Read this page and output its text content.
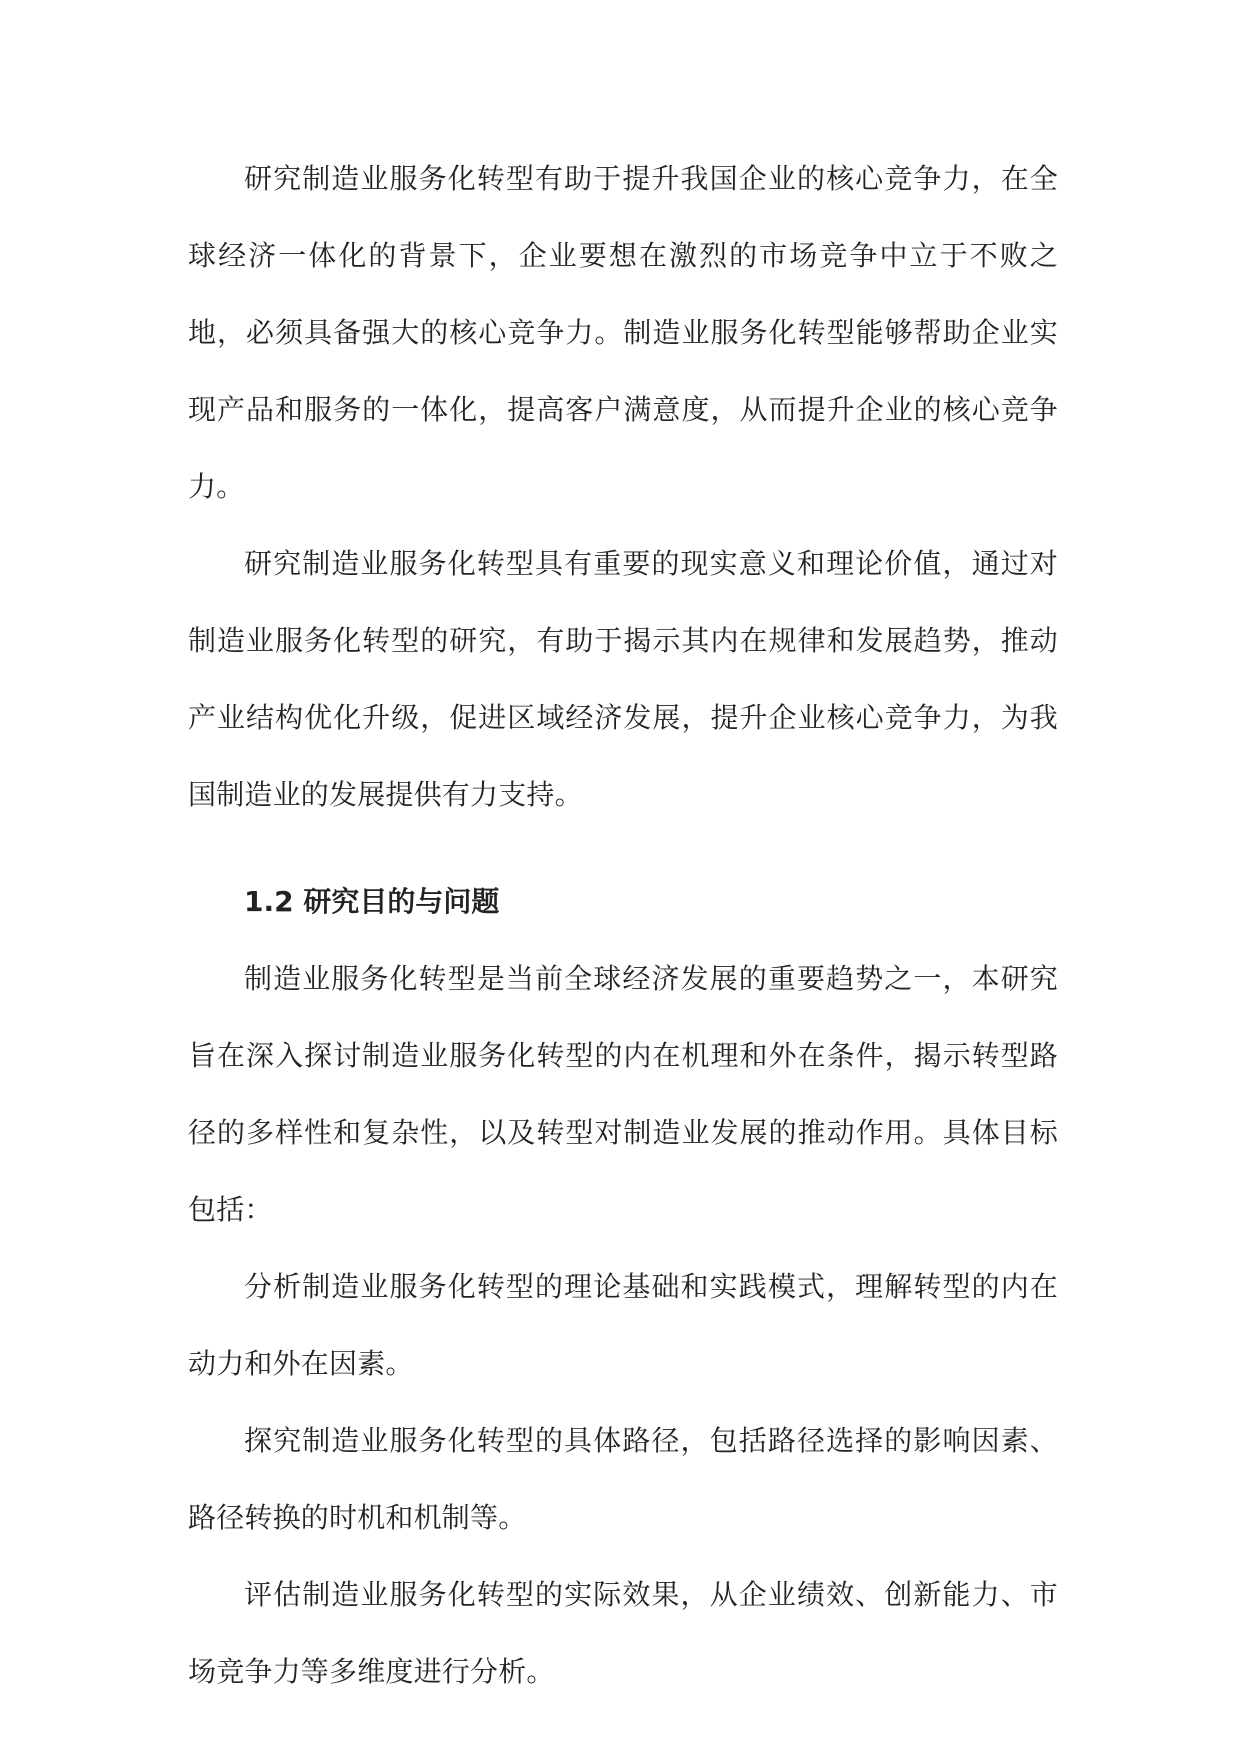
研究制造业服务化转型有助于提升我国企业的核心竞争力，在全球经济一体化的背景下，企业要想在激烈的市场竞争中立于不败之地，必须具备强大的核心竞争力。制造业服务化转型能够帮助企业实现产品和服务的一体化，提高客户满意度，从而提升企业的核心竞争力。

研究制造业服务化转型具有重要的现实意义和理论价值，通过对制造业服务化转型的研究，有助于揭示其内在规律和发展趋势，推动产业结构优化升级，促进区域经济发展，提升企业核心竞争力，为我国制造业的发展提供有力支持。

1.2 研究目的与问题

制造业服务化转型是当前全球经济发展的重要趋势之一，本研究旨在深入探讨制造业服务化转型的内在机理和外在条件，揭示转型路径的多样性和复杂性，以及转型对制造业发展的推动作用。具体目标包括：

分析制造业服务化转型的理论基础和实践模式，理解转型的内在动力和外在因素。

探究制造业服务化转型的具体路径，包括路径选择的影响因素、路径转换的时机和机制等。

评估制造业服务化转型的实际效果，从企业绩效、创新能力、市场竞争力等多维度进行分析。
